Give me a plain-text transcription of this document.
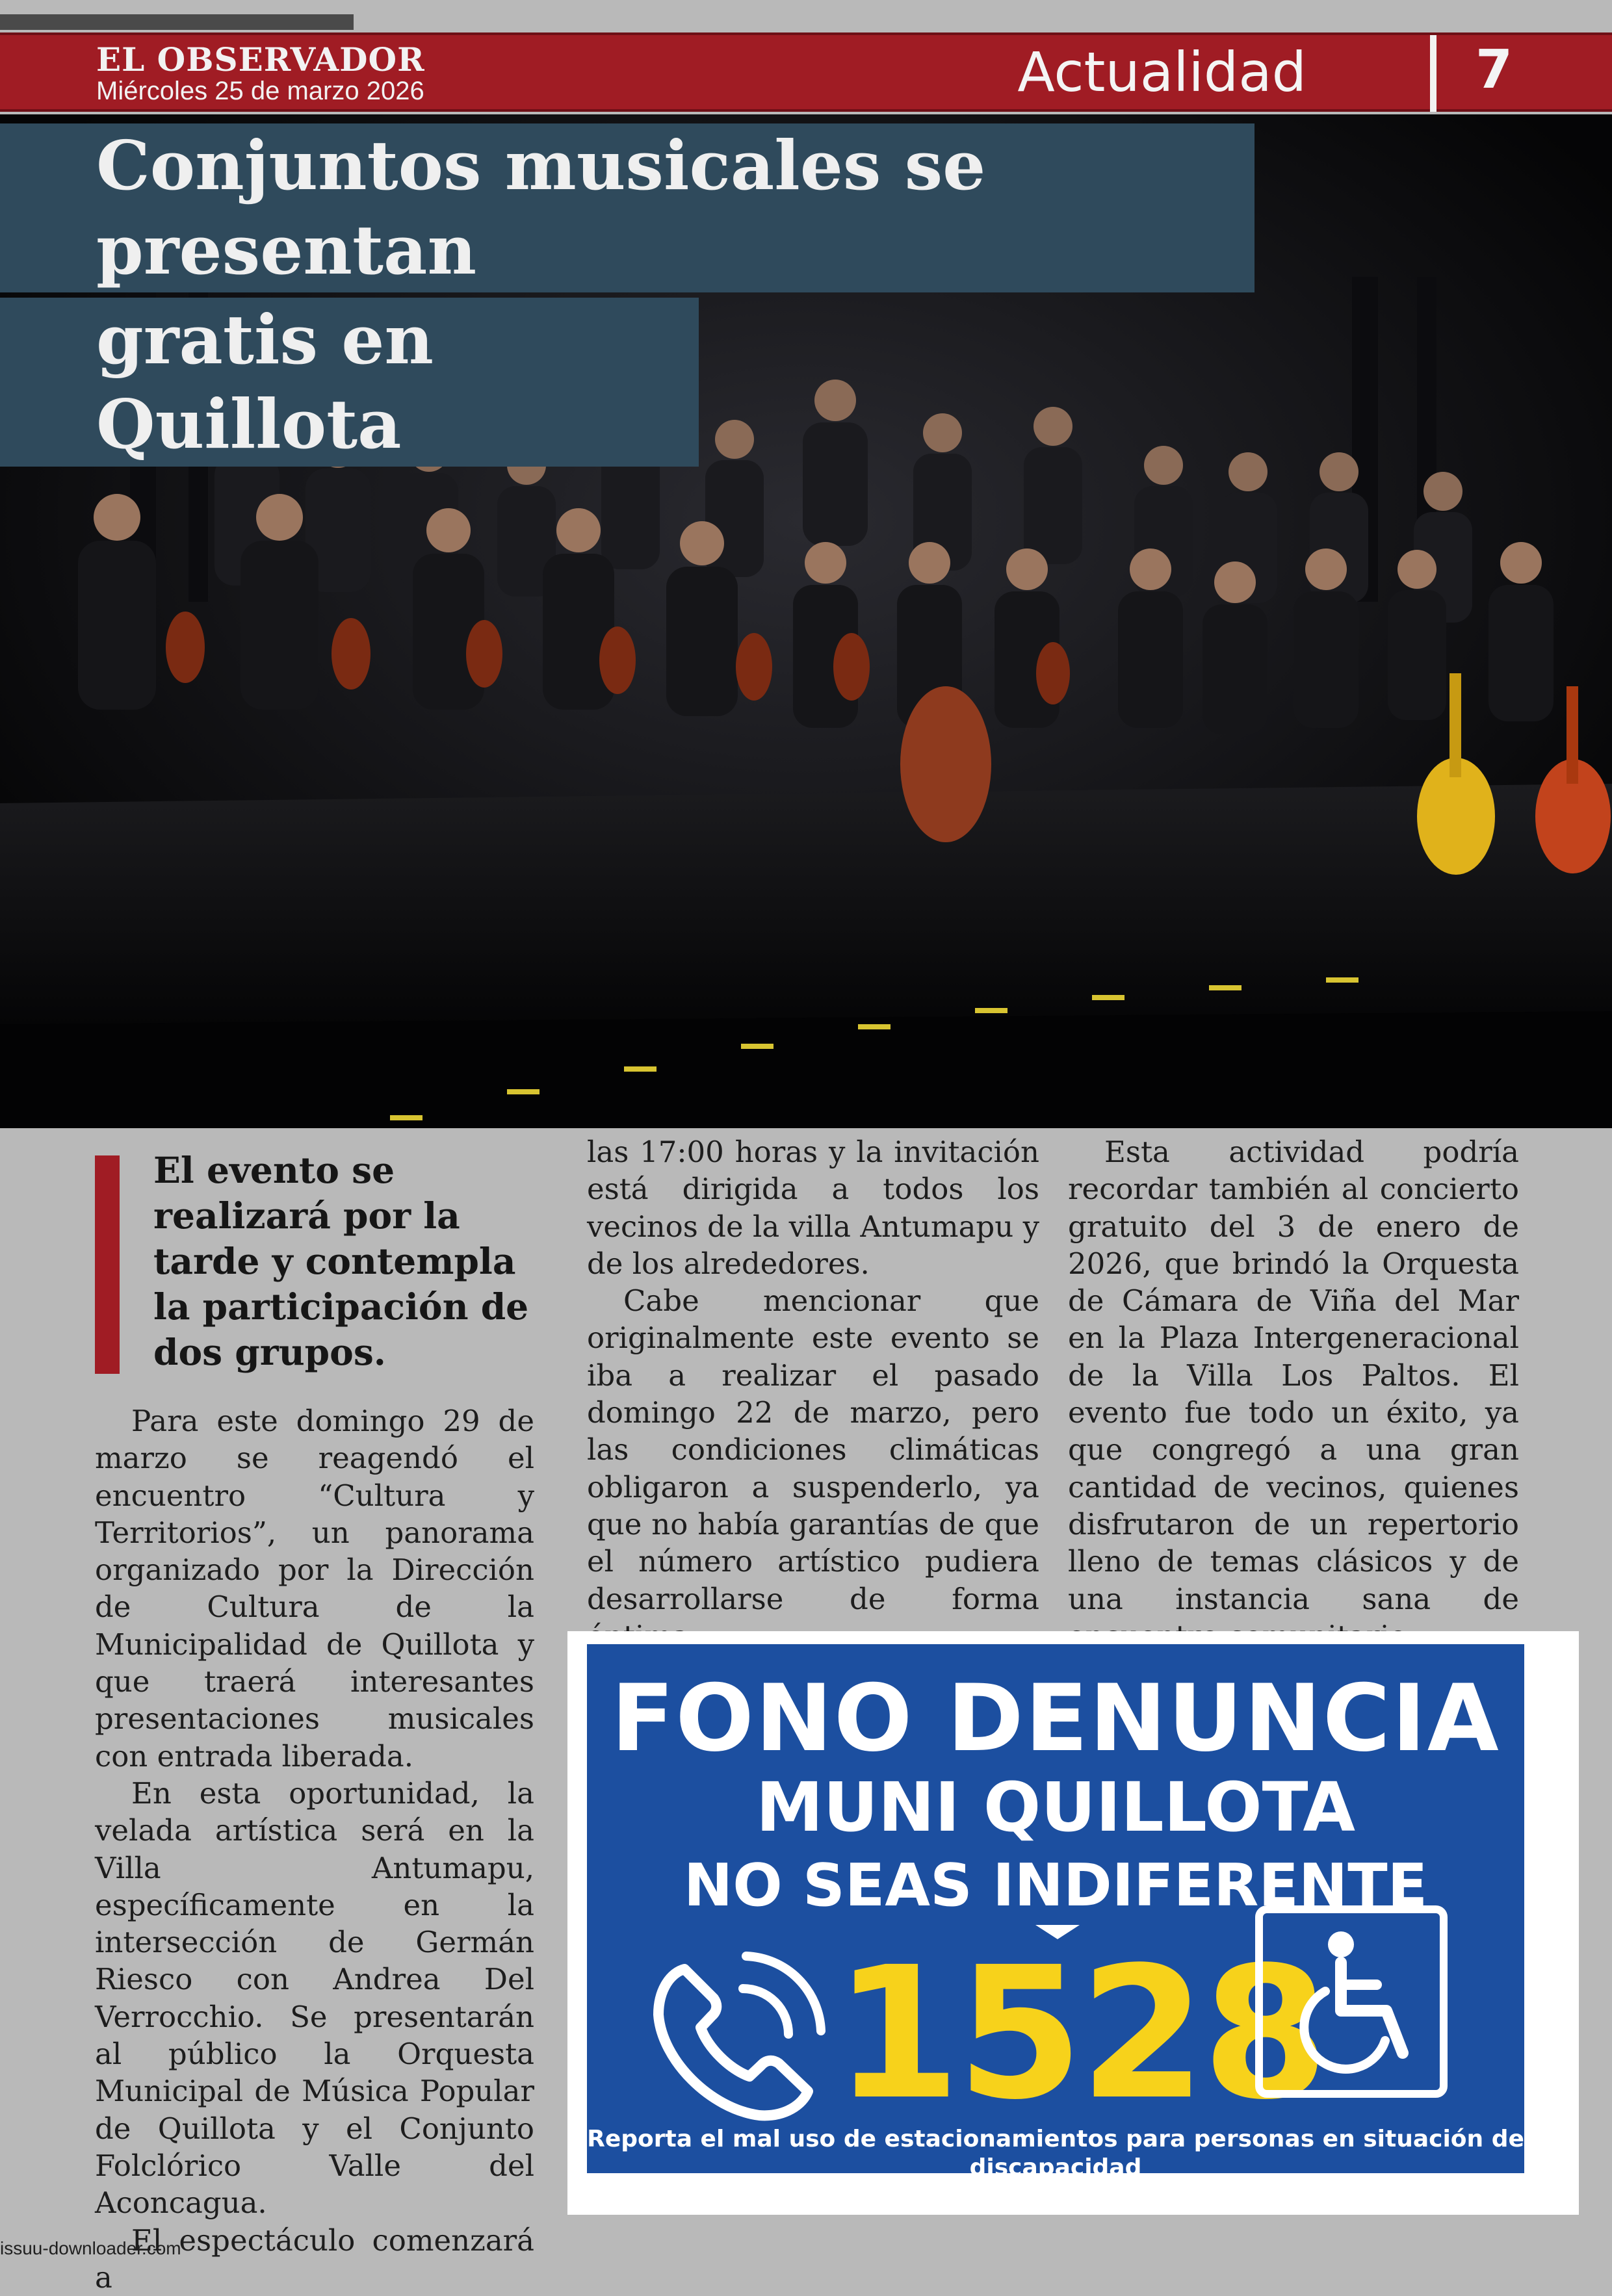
EL OBSERVADOR
Miércoles 25 de marzo 2026	Actualidad	7
Conjuntos musicales se presentan
gratis en Quillota
El evento se realizará por la tarde y contempla la participación de dos grupos.

Para este domingo 29 de marzo se reagendó el encuentro “Cultura y Territorios”, un panorama organizado por la Dirección de Cultura de la Municipalidad de Quillota y que traerá interesantes presentaciones musicales con entrada liberada.

En esta oportunidad, la velada artística será en la Villa Antumapu, específicamente en la intersección de Germán Riesco con Andrea Del Verrocchio. Se presentarán al público la Orquesta Municipal de Música Popular de Quillota y el Conjunto Folclórico Valle del Aconcagua.

El espectáculo comenzará a

las 17:00 horas y la invitación está dirigida a todos los vecinos de la villa Antumapu y de los alrededores.

Cabe mencionar que originalmente este evento se iba a realizar el pasado domingo 22 de marzo, pero las condiciones climáticas obligaron a suspenderlo, ya que no había garantías de que el número artístico pudiera desarrollarse de forma

Esta actividad podría recordar también al concierto gratuito del 3 de enero de 2026, que brindó la Orquesta de Cámara de Viña del Mar en la Plaza Intergeneracional de la Villa Los Paltos. El evento fue todo un éxito, ya que congregó a una gran cantidad de vecinos, quienes disfrutaron de un repertorio lleno de temas clásicos y de una instancia sana de

FONO DENUNCIA
MUNI QUILLOTA
NO SEAS INDIFERENTE
1528
Reporta el mal uso de estacionamientos para personas en situación de discapacidad
issuu-downloader.com
